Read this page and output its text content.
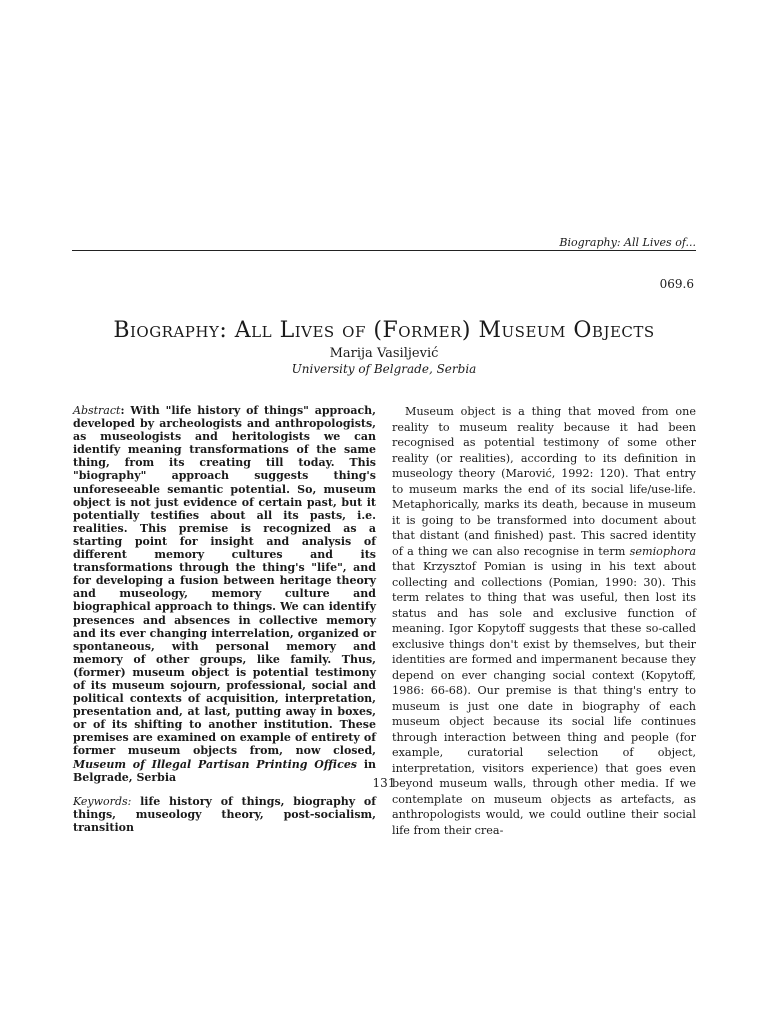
Biography: All Lives of...
069.6
Biography: All Lives of (Former) Museum Objects
Marija Vasiljević
University of Belgrade, Serbia
Abstract: With "life history of things" approach, developed by archeologists and anthropologists, as museologists and heritologists we can identify meaning transformations of the same thing, from its creating till today. This "biography" approach suggests thing's unforeseeable semantic potential. So, museum object is not just evidence of certain past, but it potentially testifies about all its pasts, i.e. realities. This premise is recognized as a starting point for insight and analysis of different memory cultures and its transformations through the thing's "life", and for developing a fusion between heritage theory and museology, memory culture and biographical approach to things. We can identify presences and absences in collective memory and its ever changing interrelation, organized or spontaneous, with personal memory and memory of other groups, like family. Thus, (former) museum object is potential testimony of its museum sojourn, professional, social and political contexts of acquisition, interpretation, presentation and, at last, putting away in boxes, or of its shifting to another institution. These premises are examined on example of entirety of former museum objects from, now closed, Museum of Illegal Partisan Printing Offices in Belgrade, Serbia
Keywords: life history of things, biography of things, museology theory, post-socialism, transition
Museum object is a thing that moved from one reality to museum reality because it had been recognised as potential testimony of some other reality (or realities), according to its definition in museology theory (Marović, 1992: 120). That entry to museum marks the end of its social life/use-life. Metaphorically, marks its death, because in museum it is going to be transformed into document about that distant (and finished) past. This sacred identity of a thing we can also recognise in term semiophora that Krzysztof Pomian is using in his text about collecting and collections (Pomian, 1990: 30). This term relates to thing that was useful, then lost its status and has sole and exclusive function of meaning. Igor Kopytoff suggests that these so-called exclusive things don't exist by themselves, but their identities are formed and impermanent because they depend on ever changing social context (Kopytoff, 1986: 66-68). Our premise is that thing's entry to museum is just one date in biography of each museum object because its social life continues through interaction between thing and people (for example, curatorial selection of object, interpretation, visitors experience) that goes even beyond museum walls, through other media. If we contemplate on museum objects as artefacts, as anthropologists would, we could outline their social life from their crea-
131
